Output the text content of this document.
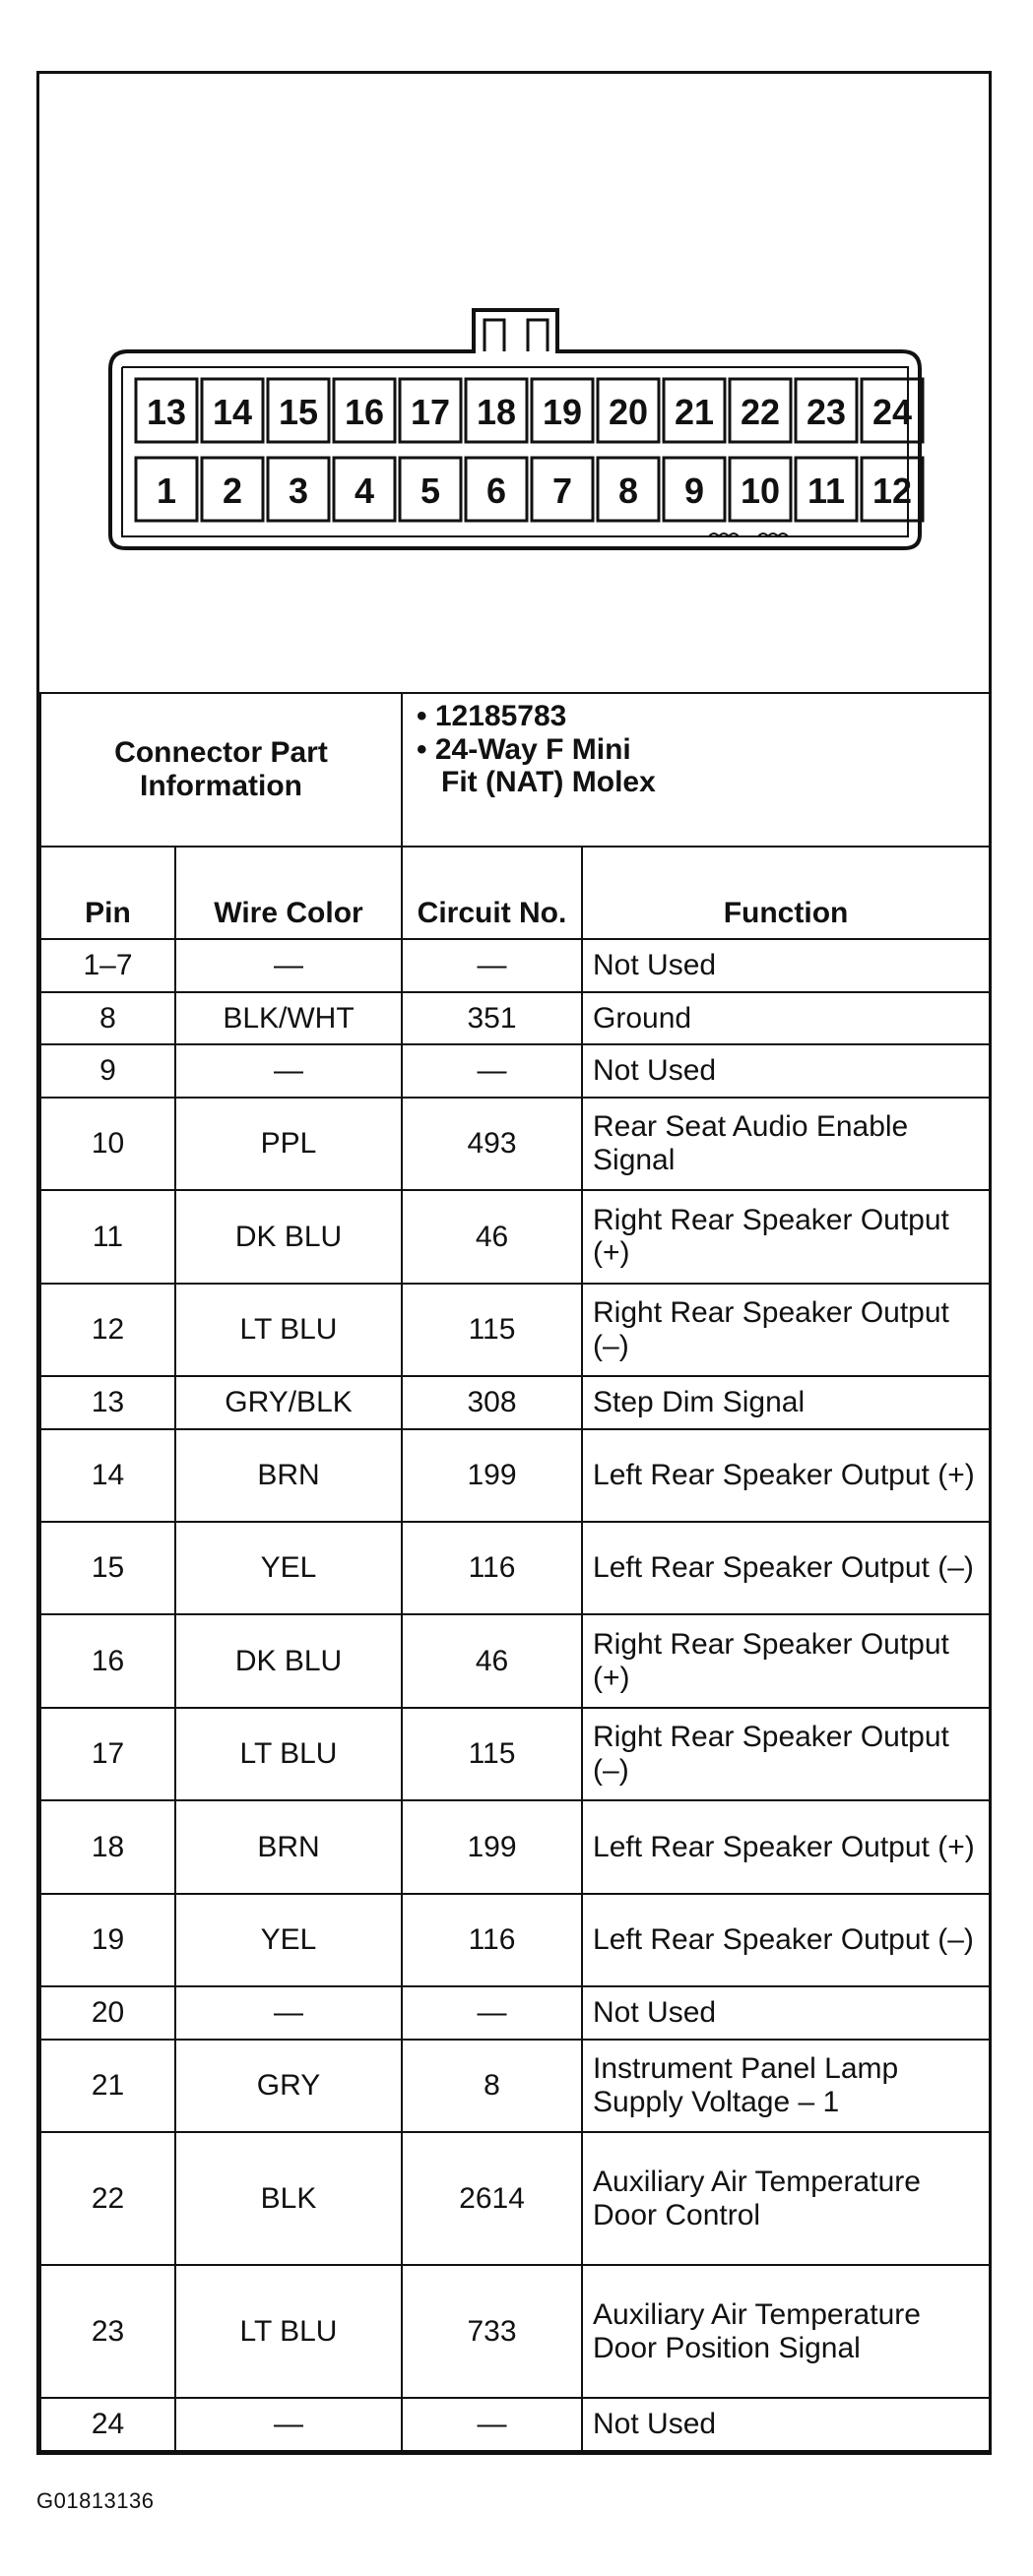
13 14 15 16 17 18 19 20 21 22 23 24
1 2 3 4 5 6 7 8 9 10 11 12
Connector Part Information		• 12185783
• 24-Way F Mini
Fit (NAT) Molex	

Pin	Wire Color	Circuit No.	Function
1–7	—	—	Not Used
8	BLK/WHT	351	Ground
9	—	—	Not Used
10	PPL	493	Rear Seat Audio Enable Signal
11	DK BLU	46	Right Rear Speaker Output (+)
12	LT BLU	115	Right Rear Speaker Output (–)
13	GRY/BLK	308	Step Dim Signal
14	BRN	199	Left Rear Speaker Output (+)
15	YEL	116	Left Rear Speaker Output (–)
16	DK BLU	46	Right Rear Speaker Output (+)
17	LT BLU	115	Right Rear Speaker Output (–)
18	BRN	199	Left Rear Speaker Output (+)
19	YEL	116	Left Rear Speaker Output (–)
20	—	—	Not Used
21	GRY	8	Instrument Panel Lamp Supply Voltage – 1
22	BLK	2614	Auxiliary Air Temperature Door Control
23	LT BLU	733	Auxiliary Air Temperature Door Position Signal
24	—	—	Not Used
G01813136
